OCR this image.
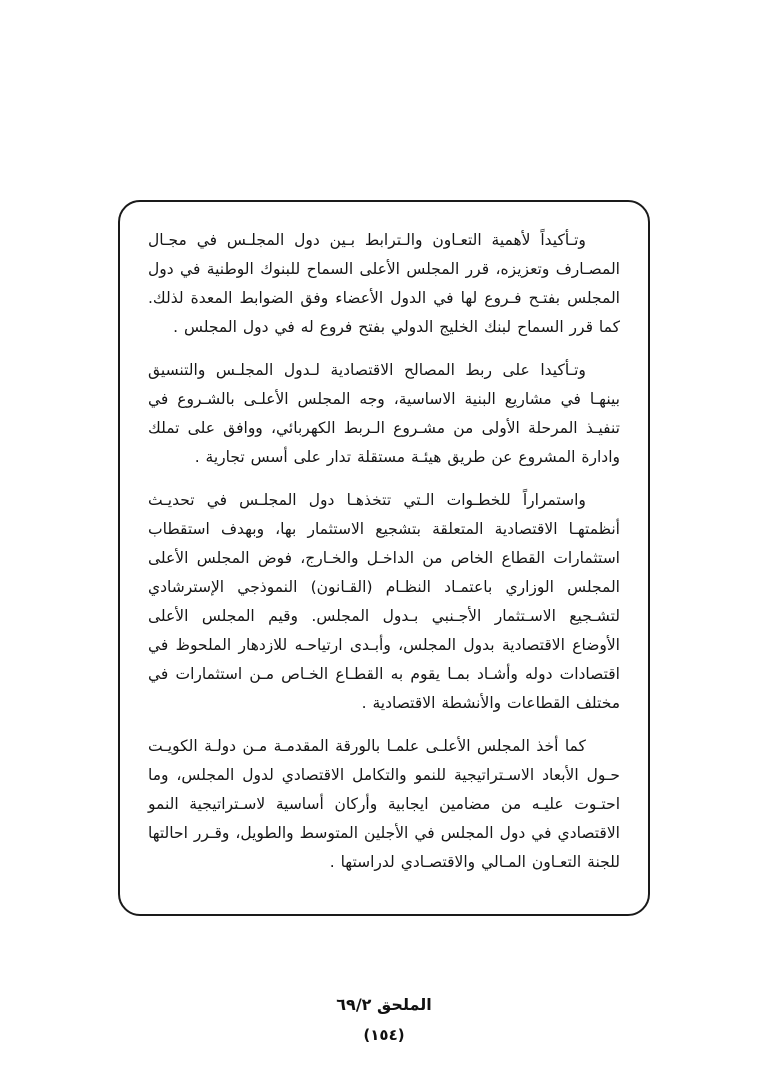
وتـأكيداً لأهمية التعـاون والـترابط بـين دول المجلـس في مجـال المصـارف وتعزيزه، قرر المجلس الأعلى السماح للبنوك الوطنية في دول المجلس بفتـح فـروع لها في الدول الأعضاء وفق الضوابط المعدة لذلك. كما قرر السماح لبنك الخليج الدولي بفتح فروع له في دول المجلس .

وتـأكيدا على ربط المصالح الاقتصادية لـدول المجلـس والتنسيق بينهـا في مشاريع البنية الاساسية، وجه المجلس الأعلـى بالشـروع في تنفيـذ المرحلة الأولى من مشـروع الـربط الكهربائي، ووافق على تملك وادارة المشروع عن طريق هيئـة مستقلة تدار على أسس تجارية .

واستمراراً للخطـوات الـتي تتخذهـا دول المجلـس في تحديـث أنظمتهـا الاقتصادية المتعلقة بتشجيع الاستثمار بها، وبهدف استقطاب استثمارات القطاع الخاص من الداخـل والخـارج، فوض المجلس الأعلى المجلس الوزاري باعتمـاد النظـام (القـانون) النموذجي الإسترشادي لتشـجيع الاسـتثمار الأجـنبي بـدول المجلس. وقيم المجلس الأعلى الأوضاع الاقتصادية بدول المجلس، وأبـدى ارتياحـه للازدهار الملحوظ في اقتصادات دوله وأشـاد بمـا يقوم به القطـاع الخـاص مـن استثمارات في مختلف القطاعات والأنشطة الاقتصادية .

كما أخذ المجلس الأعلـى علمـا بالورقة المقدمـة مـن دولـة الكويـت حـول الأبعاد الاسـتراتيجية للنمو والتكامل الاقتصادي لدول المجلس، وما احتـوت عليـه من مضامين ايجابية وأركان أساسية لاسـتراتيجية النمو الاقتصادي في دول المجلس في الأجلين المتوسط والطويل، وقـرر احالتها للجنة التعـاون المـالي والاقتصـادي لدراستها .

الملحق ٦٩/٢
(١٥٤)
